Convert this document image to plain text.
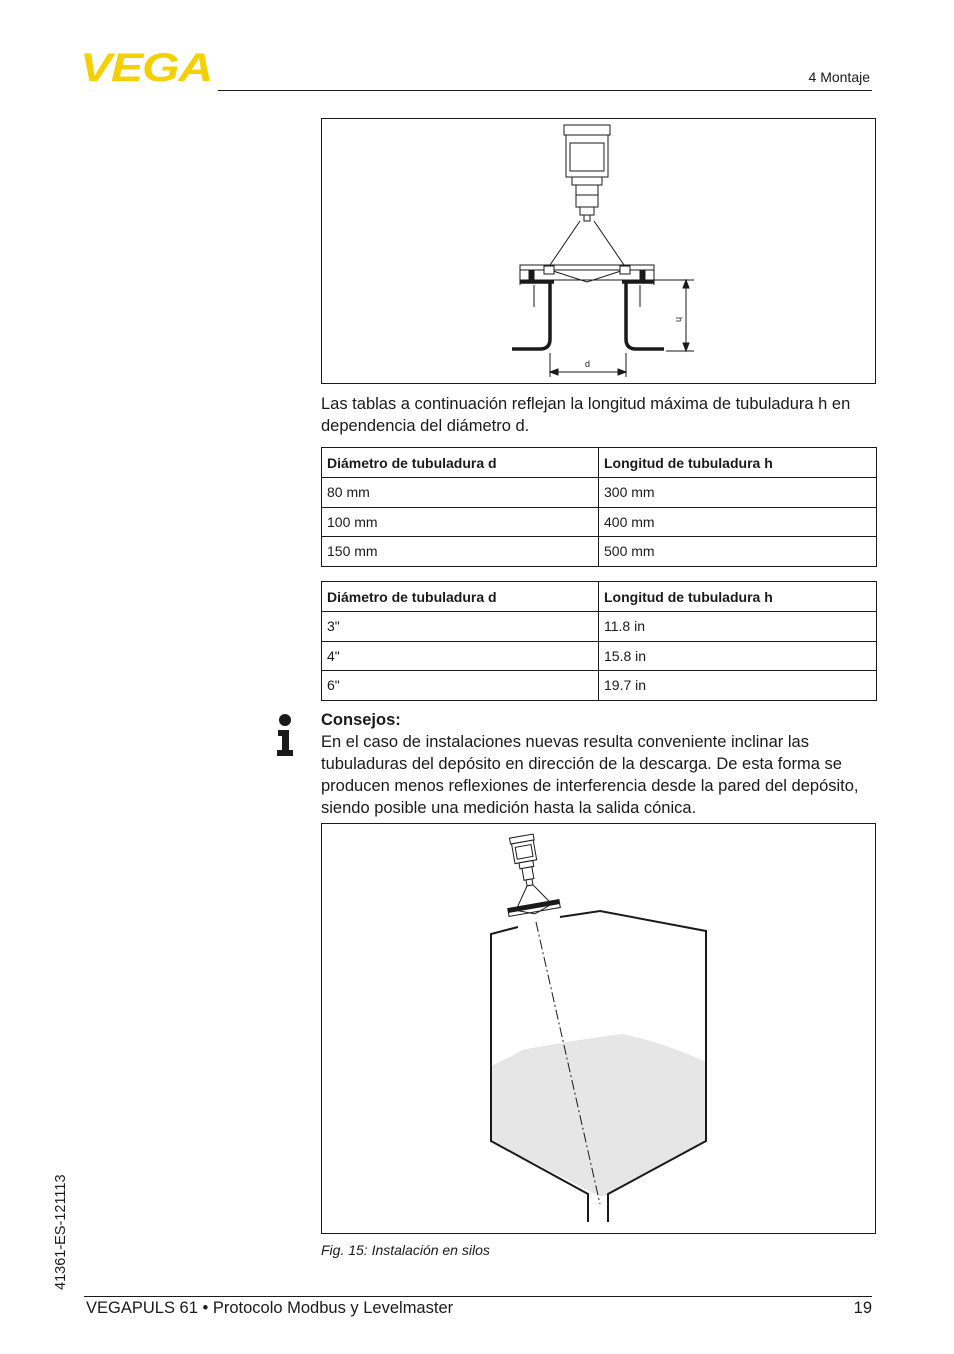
VEGA	4 Montaje
h
d
Las tablas a continuación reflejan la longitud máxima de tubuladura h en dependencia del diámetro d.
Diámetro de tubuladura d	Longitud de tubuladura h
80 mm	300 mm
100 mm	400 mm
150 mm	500 mm
Diámetro de tubuladura d	Longitud de tubuladura h
3"	11.8 in
4"	15.8 in
6"	19.7 in
Consejos:
En el caso de instalaciones nuevas resulta conveniente inclinar las tubuladuras del depósito en dirección de la descarga. De esta forma se producen menos reflexiones de interferencia desde la pared del depósito, siendo posible una medición hasta la salida cónica.
Fig. 15: Instalación en silos
41361-ES-121113
VEGAPULS 61 • Protocolo Modbus y Levelmaster	19
